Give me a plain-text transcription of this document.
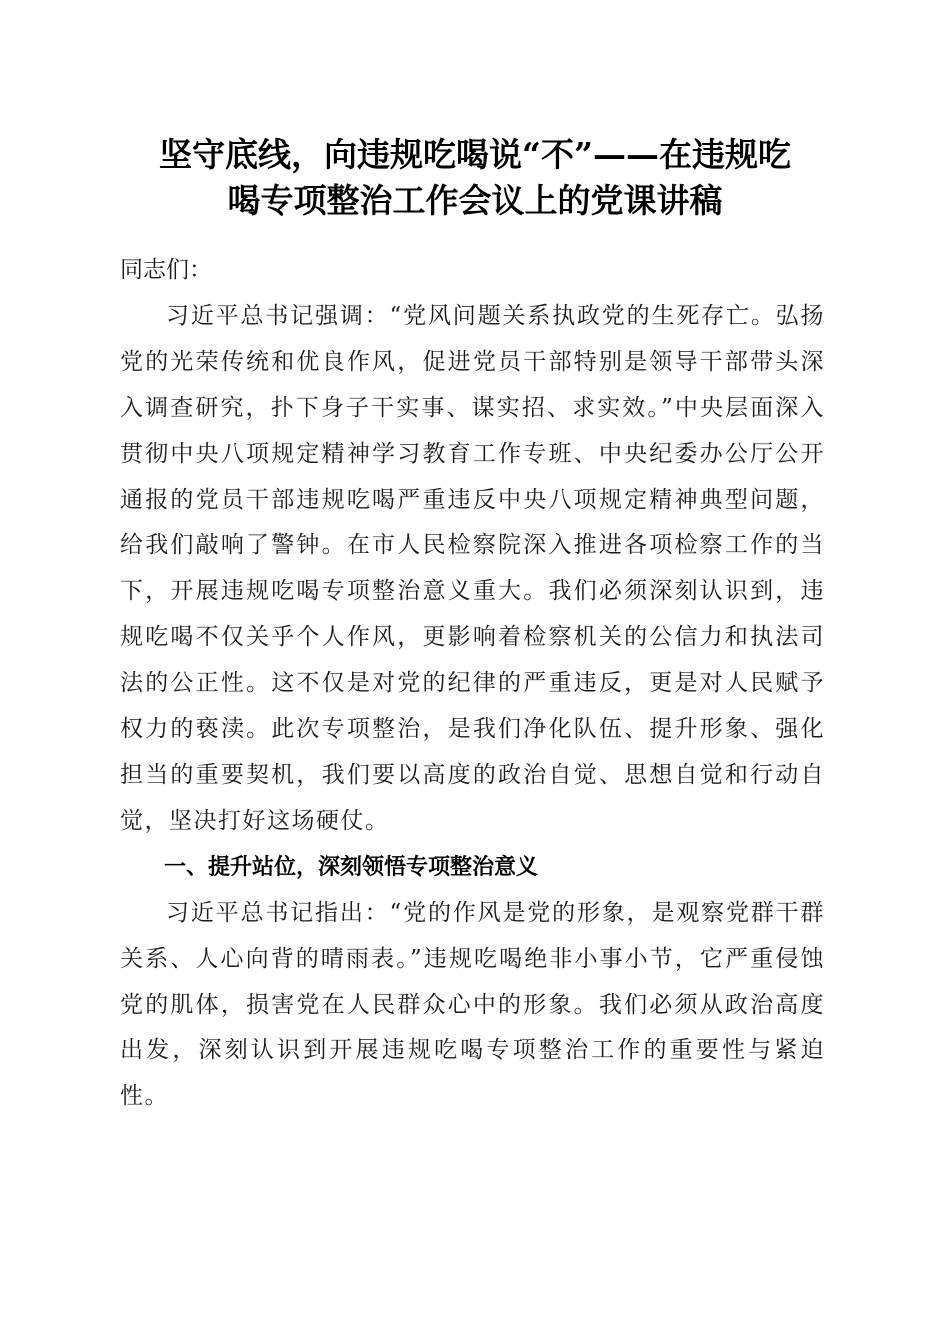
坚守底线，向违规吃喝说“不”——在违规吃
喝专项整治工作会议上的党课讲稿

同志们：

习近平总书记强调：“党风问题关系执政党的生死存亡。弘扬党的光荣传统和优良作风，促进党员干部特别是领导干部带头深入调查研究，扑下身子干实事、谋实招、求实效。”中央层面深入贯彻中央八项规定精神学习教育工作专班、中央纪委办公厅公开通报的党员干部违规吃喝严重违反中央八项规定精神典型问题，给我们敲响了警钟。在市人民检察院深入推进各项检察工作的当下，开展违规吃喝专项整治意义重大。我们必须深刻认识到，违规吃喝不仅关乎个人作风，更影响着检察机关的公信力和执法司法的公正性。这不仅是对党的纪律的严重违反，更是对人民赋予权力的亵渎。此次专项整治，是我们净化队伍、提升形象、强化担当的重要契机，我们要以高度的政治自觉、思想自觉和行动自觉，坚决打好这场硬仗。

一、提升站位，深刻领悟专项整治意义

习近平总书记指出：“党的作风是党的形象，是观察党群干群关系、人心向背的晴雨表。”违规吃喝绝非小事小节，它严重侵蚀党的肌体，损害党在人民群众心中的形象。我们必须从政治高度出发，深刻认识到开展违规吃喝专项整治工作的重要性与紧迫性。
